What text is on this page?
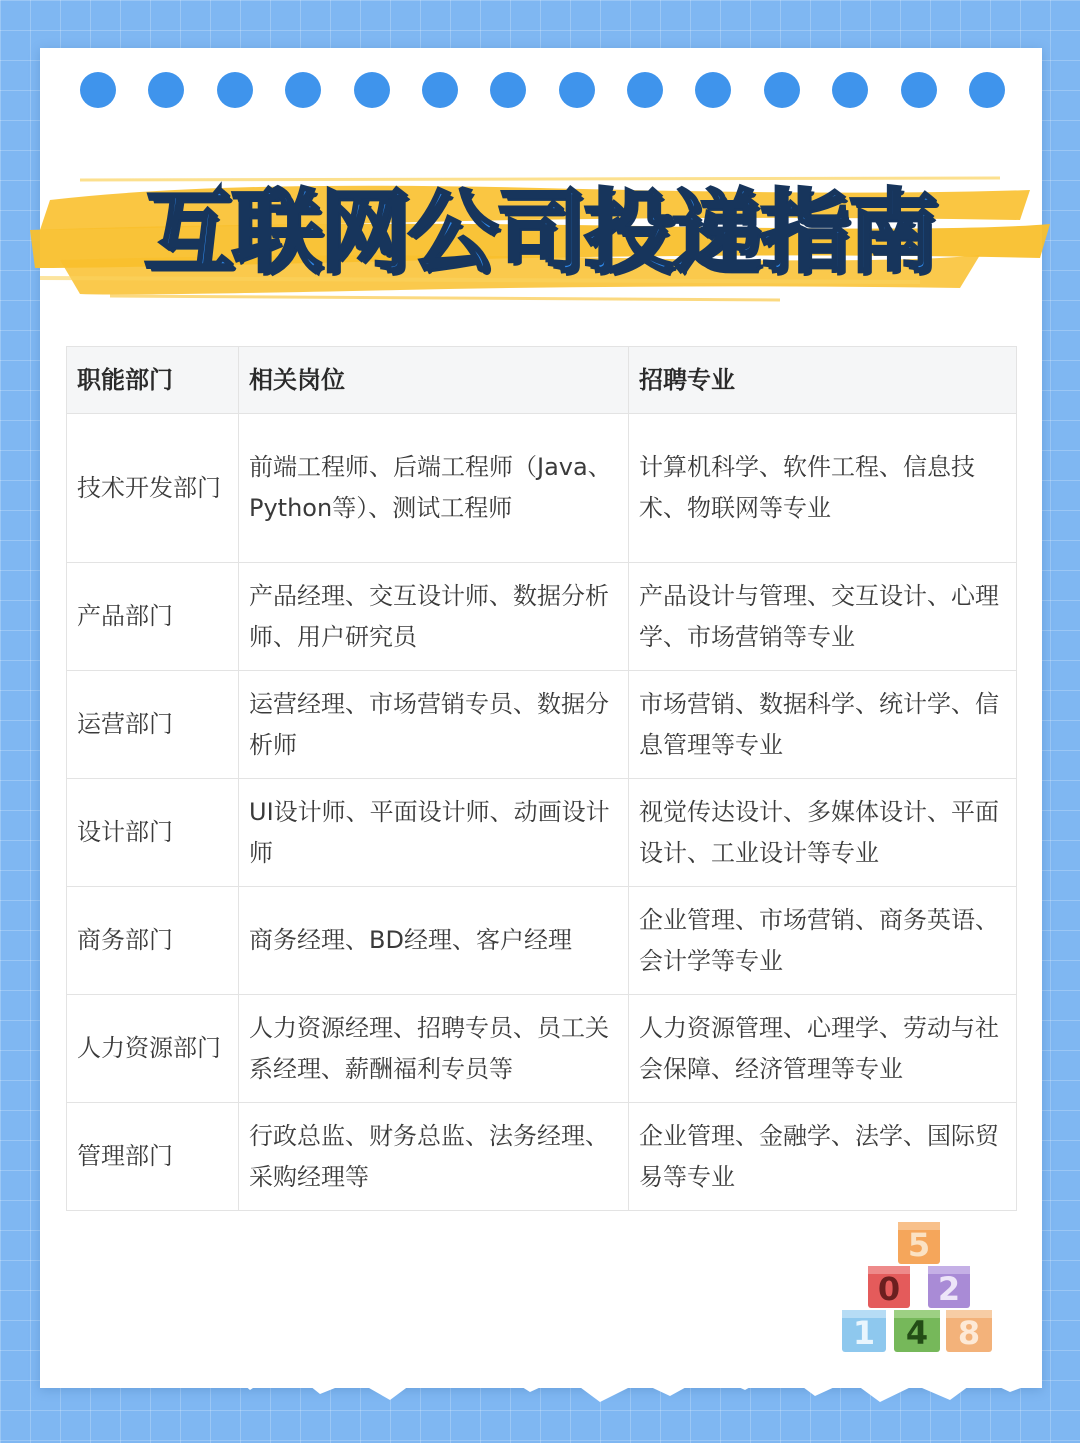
互联网公司投递指南
职能部门	相关岗位	招聘专业
技术开发部门	前端工程师、后端工程师（Java、Python等）、测试工程师	计算机科学、软件工程、信息技术、物联网等专业
产品部门	产品经理、交互设计师、数据分析师、用户研究员	产品设计与管理、交互设计、心理学、市场营销等专业
运营部门	运营经理、市场营销专员、数据分析师	市场营销、数据科学、统计学、信息管理等专业
设计部门	UI设计师、平面设计师、动画设计师	视觉传达设计、多媒体设计、平面设计、工业设计等专业
商务部门	商务经理、BD经理、客户经理	企业管理、市场营销、商务英语、会计学等专业
人力资源部门	人力资源经理、招聘专员、员工关系经理、薪酬福利专员等	人力资源管理、心理学、劳动与社会保障、经济管理等专业
管理部门	行政总监、财务总监、法务经理、采购经理等	企业管理、金融学、法学、国际贸易等专业
5
0 2
1 4 8
